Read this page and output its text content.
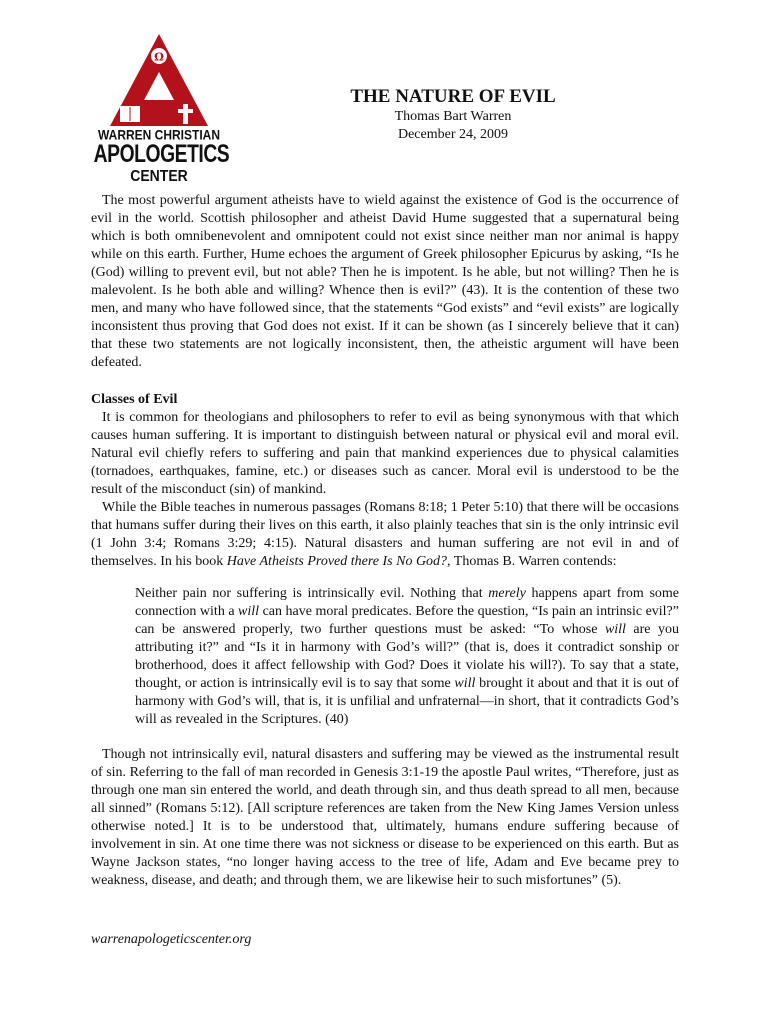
Ω
WARREN CHRISTIAN
APOLOGETICS
CENTER
THE NATURE OF EVIL
Thomas Bart Warren
December 24, 2009

The most powerful argument atheists have to wield against the existence of God is the occurrence of evil in the world. Scottish philosopher and atheist David Hume suggested that a supernatural being which is both omnibenevolent and omnipotent could not exist since neither man nor animal is happy while on this earth. Further, Hume echoes the argument of Greek philosopher Epicurus by asking, “Is he (God) willing to prevent evil, but not able? Then he is impotent. Is he able, but not willing? Then he is malevolent. Is he both able and willing? Whence then is evil?” (43). It is the contention of these two men, and many who have followed since, that the statements “God exists” and “evil exists” are logically inconsistent thus proving that God does not exist. If it can be shown (as I sincerely believe that it can) that these two statements are not logically inconsistent, then, the atheistic argument will have been defeated.

Classes of Evil

It is common for theologians and philosophers to refer to evil as being synonymous with that which causes human suffering. It is important to distinguish between natural or physical evil and moral evil. Natural evil chiefly refers to suffering and pain that mankind experiences due to physical calamities (tornadoes, earthquakes, famine, etc.) or diseases such as cancer. Moral evil is understood to be the result of the misconduct (sin) of mankind.

While the Bible teaches in numerous passages (Romans 8:18; 1 Peter 5:10) that there will be occasions that humans suffer during their lives on this earth, it also plainly teaches that sin is the only intrinsic evil (1 John 3:4; Romans 3:29; 4:15). Natural disasters and human suffering are not evil in and of themselves. In his book Have Atheists Proved there Is No God?, Thomas B. Warren contends:

Neither pain nor suffering is intrinsically evil. Nothing that merely happens apart from some connection with a will can have moral predicates. Before the question, “Is pain an intrinsic evil?” can be answered properly, two further questions must be asked: “To whose will are you attributing it?” and “Is it in harmony with God’s will?” (that is, does it contradict sonship or brotherhood, does it affect fellowship with God? Does it violate his will?). To say that a state, thought, or action is intrinsically evil is to say that some will brought it about and that it is out of harmony with God’s will, that is, it is unfilial and unfraternal—in short, that it contradicts God’s will as revealed in the Scriptures. (40)

Though not intrinsically evil, natural disasters and suffering may be viewed as the instrumental result of sin. Referring to the fall of man recorded in Genesis 3:1-19 the apostle Paul writes, “Therefore, just as through one man sin entered the world, and death through sin, and thus death spread to all men, because all sinned” (Romans 5:12). [All scripture references are taken from the New King James Version unless otherwise noted.] It is to be understood that, ultimately, humans endure suffering because of involvement in sin. At one time there was not sickness or disease to be experienced on this earth. But as Wayne Jackson states, “no longer having access to the tree of life, Adam and Eve became prey to weakness, disease, and death; and through them, we are likewise heir to such misfortunes” (5).

warrenapologeticscenter.org
